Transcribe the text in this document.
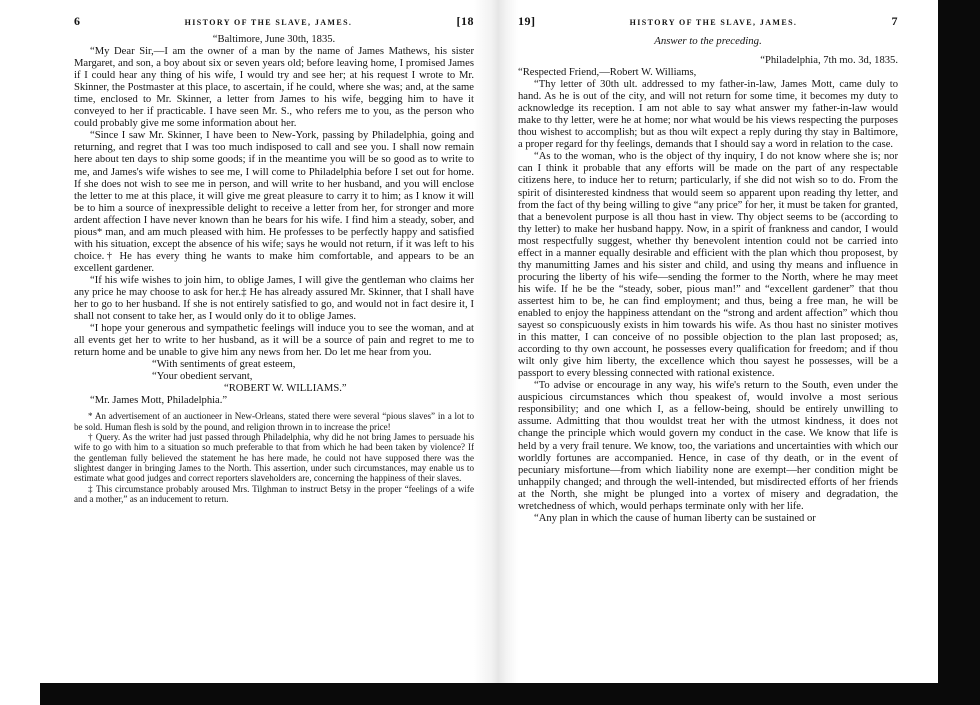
6	HISTORY OF THE SLAVE, JAMES.	[18

“Baltimore, June 30th, 1835.

“My Dear Sir,—I am the owner of a man by the name of James Mathews, his sister Margaret, and son, a boy about six or seven years old; before leaving home, I promised James if I could hear any thing of his wife, I would try and see her; at his request I wrote to Mr. Skinner, the Postmaster at this place, to ascertain, if he could, where she was; and, at the same time, enclosed to Mr. Skinner, a letter from James to his wife, begging him to have it conveyed to her if practicable. I have seen Mr. S., who refers me to you, as the person who could probably give me some information about her.

“Since I saw Mr. Skinner, I have been to New-York, passing by Philadelphia, going and returning, and regret that I was too much indisposed to call and see you. I shall now remain here about ten days to ship some goods; if in the meantime you will be so good as to write to me, and James's wife wishes to see me, I will come to Philadelphia before I set out for home. If she does not wish to see me in person, and will write to her husband, and you will enclose the letter to me at this place, it will give me great pleasure to carry it to him; as I know it will be to him a source of inexpressible delight to receive a letter from her, for stronger and more ardent affection I have never known than he bears for his wife. I find him a steady, sober, and pious* man, and am much pleased with him. He professes to be perfectly happy and satisfied with his situation, except the absence of his wife; says he would not return, if it was left to his choice.† He has every thing he wants to make him comfortable, and appears to be an excellent gardener.

“If his wife wishes to join him, to oblige James, I will give the gentleman who claims her any price he may choose to ask for her.‡ He has already assured Mr. Skinner, that I shall have her to go to her husband. If she is not entirely satisfied to go, and would not in fact desire it, I shall not consent to take her, as I would only do it to oblige James.

“I hope your generous and sympathetic feelings will induce you to see the woman, and at all events get her to write to her husband, as it will be a source of pain and regret to me to return home and be unable to give him any news from her. Do let me hear from you.

“With sentiments of great esteem,

“Your obedient servant,

“ROBERT W. WILLIAMS.”

“Mr. James Mott, Philadelphia.”

* An advertisement of an auctioneer in New-Orleans, stated there were several “pious slaves” in a lot to be sold. Human flesh is sold by the pound, and religion thrown in to increase the price!

† Query. As the writer had just passed through Philadelphia, why did he not bring James to persuade his wife to go with him to a situation so much preferable to that from which he had been taken by violence? If the gentleman fully believed the statement he has here made, he could not have supposed there was the slightest danger in bringing James to the North. This assertion, under such circumstances, may enable us to estimate what good judges and correct reporters slaveholders are, concerning the happiness of their slaves.

‡ This circumstance probably aroused Mrs. Tilghman to instruct Betsy in the proper “feelings of a wife and a mother,” as an inducement to return.

19]	HISTORY OF THE SLAVE, JAMES.	7
Answer to the preceding.

“Philadelphia, 7th mo. 3d, 1835.

“Respected Friend,—Robert W. Williams,

“Thy letter of 30th ult. addressed to my father-in-law, James Mott, came duly to hand. As he is out of the city, and will not return for some time, it becomes my duty to acknowledge its reception. I am not able to say what answer my father-in-law would make to thy letter, were he at home; nor what would be his views respecting the purposes thou wishest to accomplish; but as thou wilt expect a reply during thy stay in Baltimore, a proper regard for thy feelings, demands that I should say a word in relation to the case.

“As to the woman, who is the object of thy inquiry, I do not know where she is; nor can I think it probable that any efforts will be made on the part of any respectable citizens here, to induce her to return; particularly, if she did not wish so to do. From the spirit of disinterested kindness that would seem so apparent upon reading thy letter, and from the fact of thy being willing to give “any price” for her, it must be taken for granted, that a benevolent purpose is all thou hast in view. Thy object seems to be (according to thy letter) to make her husband happy. Now, in a spirit of frankness and candor, I would most respectfully suggest, whether thy benevolent intention could not be carried into effect in a manner equally desirable and efficient with the plan which thou proposest, by thy manumitting James and his sister and child, and using thy means and influence in procuring the liberty of his wife—sending the former to the North, where he may meet his wife. If he be the “steady, sober, pious man!” and “excellent gardener” that thou assertest him to be, he can find employment; and thus, being a free man, he will be enabled to enjoy the happiness attendant on the “strong and ardent affection” which thou sayest so conspicuously exists in him towards his wife. As thou hast no sinister motives in this matter, I can conceive of no possible objection to the plan last proposed; as, according to thy own account, he possesses every qualification for freedom; and if thou wilt only give him liberty, the excellence which thou sayest he possesses, will be a passport to every blessing connected with rational existence.

“To advise or encourage in any way, his wife's return to the South, even under the auspicious circumstances which thou speakest of, would involve a most serious responsibility; and one which I, as a fellow-being, should be entirely unwilling to assume. Admitting that thou wouldst treat her with the utmost kindness, it does not change the principle which would govern my conduct in the case. We know that life is held by a very frail tenure. We know, too, the variations and uncertainties with which our worldly fortunes are accompanied. Hence, in case of thy death, or in the event of pecuniary misfortune—from which liability none are exempt—her condition might be unhappily changed; and through the well-intended, but misdirected efforts of her friends at the North, she might be plunged into a vortex of misery and degradation, the wretchedness of which, would perhaps terminate only with her life.

“Any plan in which the cause of human liberty can be sustained or
